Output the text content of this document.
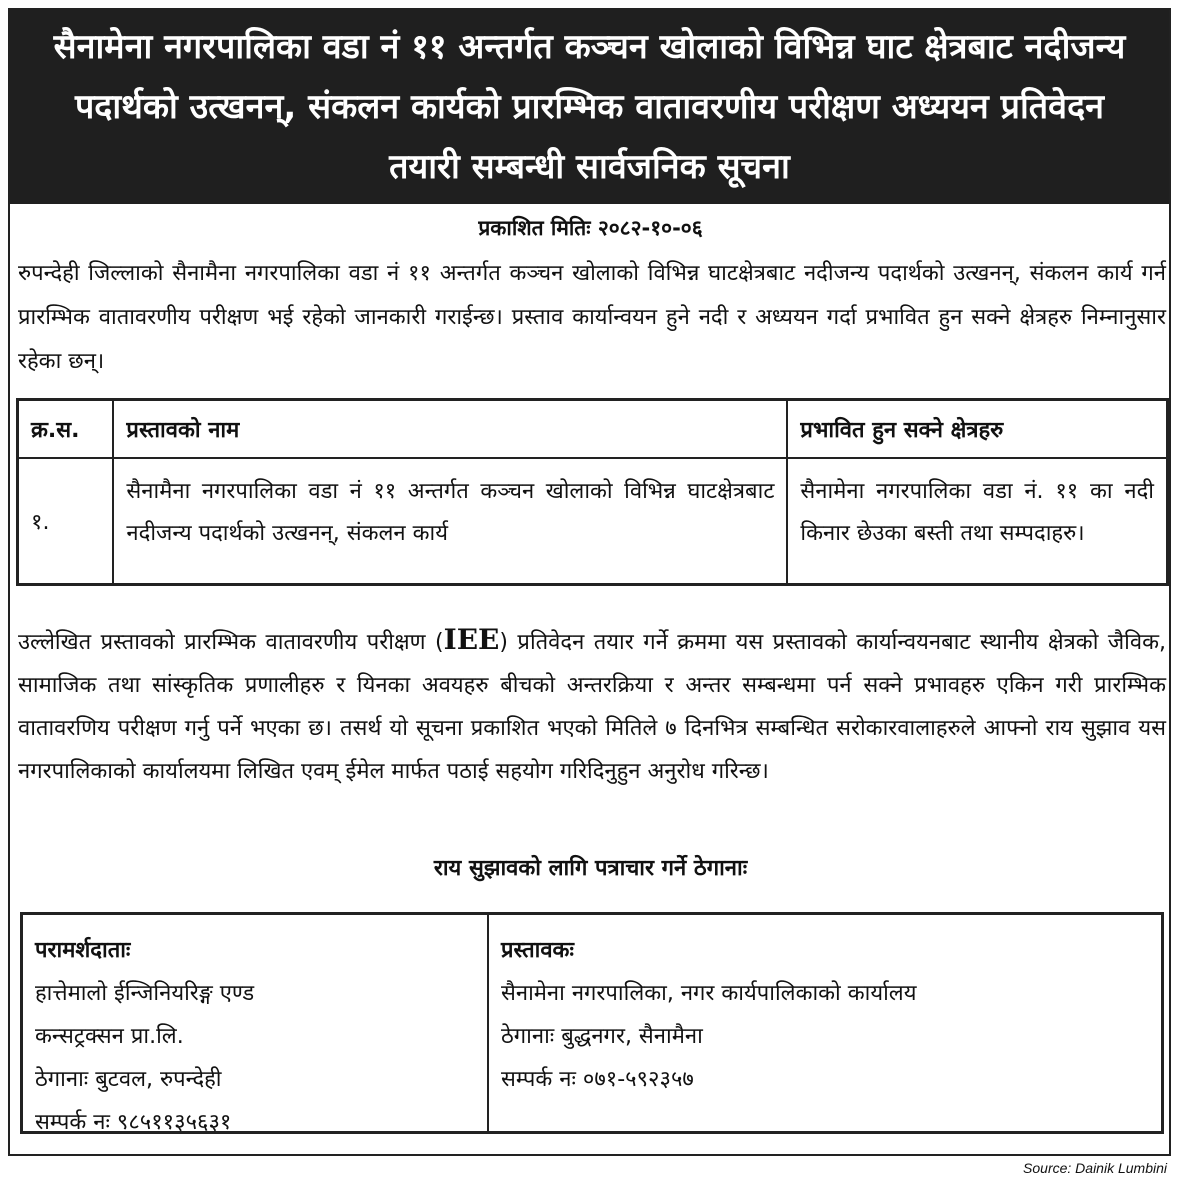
सैनामेना नगरपालिका वडा नं ११ अन्तर्गत कञ्चन खोलाको विभिन्न घाट क्षेत्रबाट नदीजन्य पदार्थको उत्खनन्, संकलन कार्यको प्रारम्भिक वातावरणीय परीक्षण अध्ययन प्रतिवेदन तयारी सम्बन्धी सार्वजनिक सूचना
प्रकाशित मितिः २०८२-१०-०६

रुपन्देही जिल्लाको सैनामैना नगरपालिका वडा नं ११ अन्तर्गत कञ्चन खोलाको विभिन्न घाटक्षेत्रबाट नदीजन्य पदार्थको उत्खनन्, संकलन कार्य गर्न प्रारम्भिक वातावरणीय परीक्षण भई रहेको जानकारी गराईन्छ। प्रस्ताव कार्यान्वयन हुने नदी र अध्ययन गर्दा प्रभावित हुन सक्ने क्षेत्रहरु निम्नानुसार रहेका छन्।

क्र.स.	प्रस्तावको नाम	प्रभावित हुन सक्ने क्षेत्रहरु
१.	सैनामैना नगरपालिका वडा नं ११ अन्तर्गत कञ्चन खोलाको विभिन्न घाटक्षेत्रबाट नदीजन्य पदार्थको उत्खनन्, संकलन कार्य	सैनामेना नगरपालिका वडा नं. ११ का नदी किनार छेउका बस्ती तथा सम्पदाहरु।

उल्लेखित प्रस्तावको प्रारम्भिक वातावरणीय परीक्षण (IEE) प्रतिवेदन तयार गर्ने क्रममा यस प्रस्तावको कार्यान्वयनबाट स्थानीय क्षेत्रको जैविक, सामाजिक तथा सांस्कृतिक प्रणालीहरु र यिनका अवयहरु बीचको अन्तरक्रिया र अन्तर सम्बन्धमा पर्न सक्ने प्रभावहरु एकिन गरी प्रारम्भिक वातावरणिय परीक्षण गर्नु पर्ने भएका छ। तसर्थ यो सूचना प्रकाशित भएको मितिले ७ दिनभित्र सम्बन्धित सरोकारवालाहरुले आफ्नो राय सुझाव यस नगरपालिकाको कार्यालयमा लिखित एवम् ईमेल मार्फत पठाई सहयोग गरिदिनुहुन अनुरोध गरिन्छ।

राय सुझावको लागि पत्राचार गर्ने ठेगानाः
परामर्शदाताः
हात्तेमालो ईन्जिनियरिङ्ग एण्ड
कन्सट्रक्सन प्रा.लि.
ठेगानाः बुटवल, रुपन्देही
सम्पर्क नः ९८५११३५६३१
प्रस्तावकः
सैनामेना नगरपालिका, नगर कार्यपालिकाको कार्यालय
ठेगानाः बुद्धनगर, सैनामैना
सम्पर्क नः ०७१-५९२३५७
Source: Dainik Lumbini
